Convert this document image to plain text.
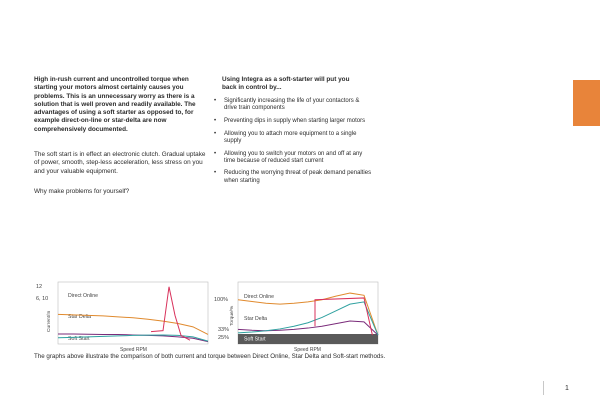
High in-rush current and uncontrolled torque when starting your motors almost certainly causes you problems. This is an unnecessary worry as there is a solution that is well proven and readily available. The advantages of using a soft starter as opposed to, for example direct-on-line or star-delta are now comprehensively documented.
The soft start is in effect an electronic clutch. Gradual uptake of power, smooth, step-less acceleration, less stress on you and your valuable equipment.
Why make problems for yourself?
Using Integra as a soft-starter will put you back in control by...
• Significantly increasing the life of your contactors & drive train components
• Preventing dips in supply when starting larger motors
• Allowing you to attach more equipment to a single supply
• Allowing you to switch your motors on and off at any time because of reduced start current
• Reducing the worrying threat of peak demand penalties when starting
12
6, 10
Current/In
Speed RPM
Direct Online
Star Delta
Soft Start
100%
33%
25%
Torque/%
Speed RPM
Direct Online
Star Delta
Soft Start
The graphs above illustrate the comparison of both current and torque between Direct Online, Star Delta and Soft-start methods.
1
